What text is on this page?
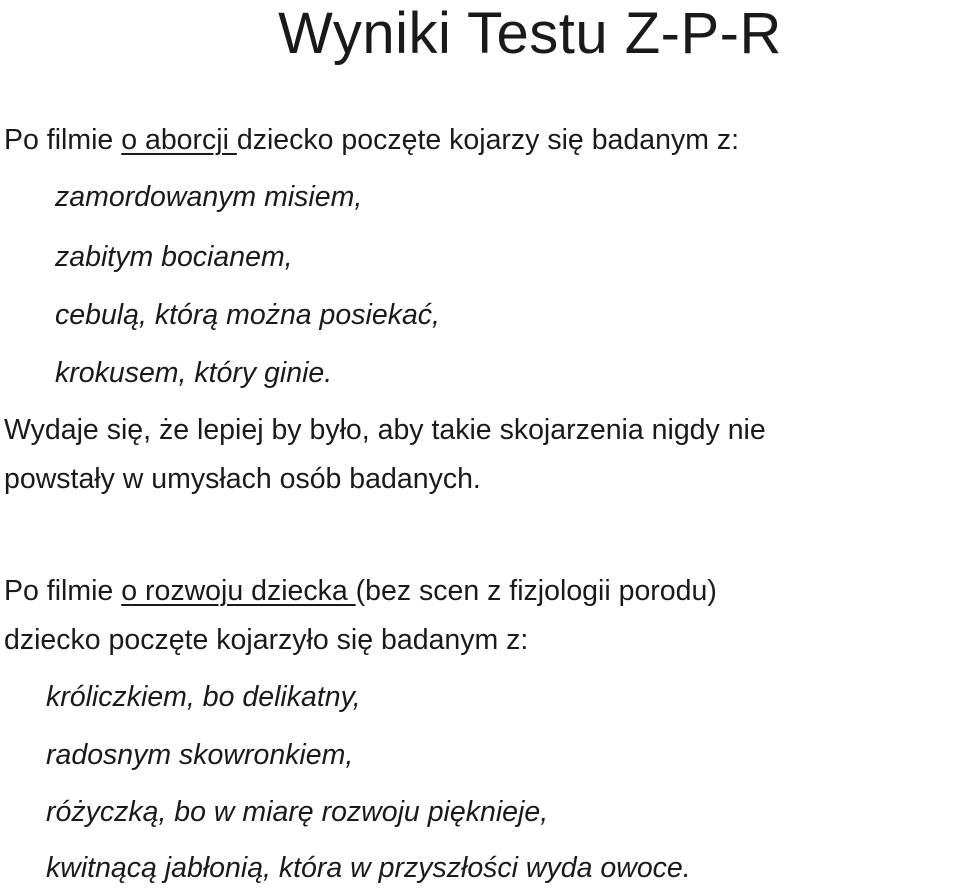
Wyniki Testu Z-P-R
Po filmie o aborcji dziecko poczęte kojarzy się badanym z:
zamordowanym misiem,
zabitym bocianem,
cebulą, którą można posiekać,
krokusem, który ginie.
Wydaje się, że lepiej by było, aby takie skojarzenia nigdy nie
powstały w umysłach osób badanych.
Po filmie o rozwoju dziecka (bez scen z fizjologii porodu)
dziecko poczęte kojarzyło się badanym z:
króliczkiem, bo delikatny,
radosnym skowronkiem,
różyczką, bo w miarę rozwoju pięknieje,
kwitnącą jabłonią, która w przyszłości wyda owoce.
